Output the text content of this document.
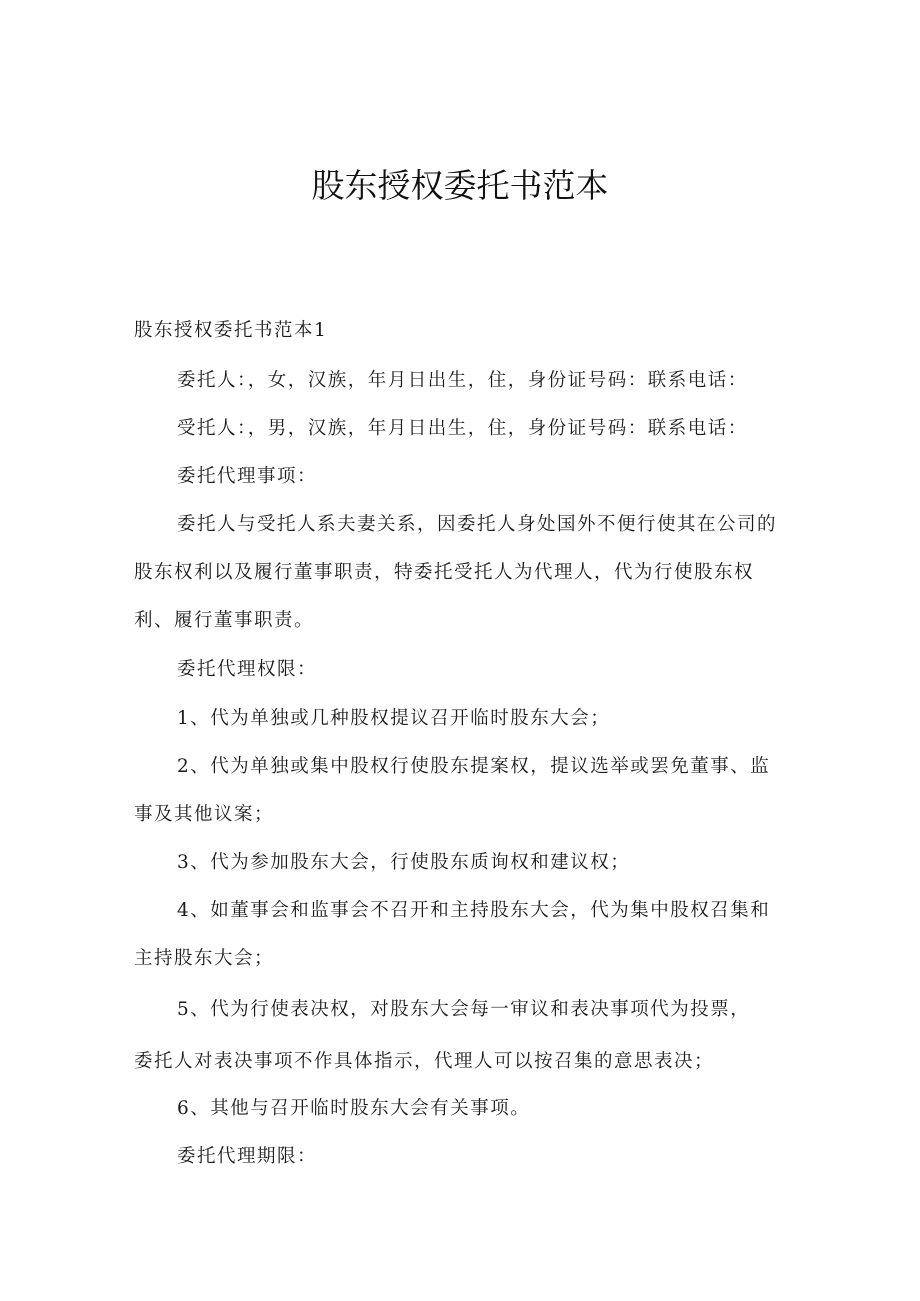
股东授权委托书范本
股东授权委托书范本1
委托人：，女，汉族，年月日出生，住，身份证号码：联系电话：
受托人：，男，汉族，年月日出生，住，身份证号码：联系电话：
委托代理事项：
委托人与受托人系夫妻关系，因委托人身处国外不便行使其在公司的
股东权利以及履行董事职责，特委托受托人为代理人，代为行使股东权
利、履行董事职责。
委托代理权限：
1、代为单独或几种股权提议召开临时股东大会；
2、代为单独或集中股权行使股东提案权，提议选举或罢免董事、监
事及其他议案；
3、代为参加股东大会，行使股东质询权和建议权；
4、如董事会和监事会不召开和主持股东大会，代为集中股权召集和
主持股东大会；
5、代为行使表决权，对股东大会每一审议和表决事项代为投票，
委托人对表决事项不作具体指示，代理人可以按召集的意思表决；
6、其他与召开临时股东大会有关事项。
委托代理期限：
